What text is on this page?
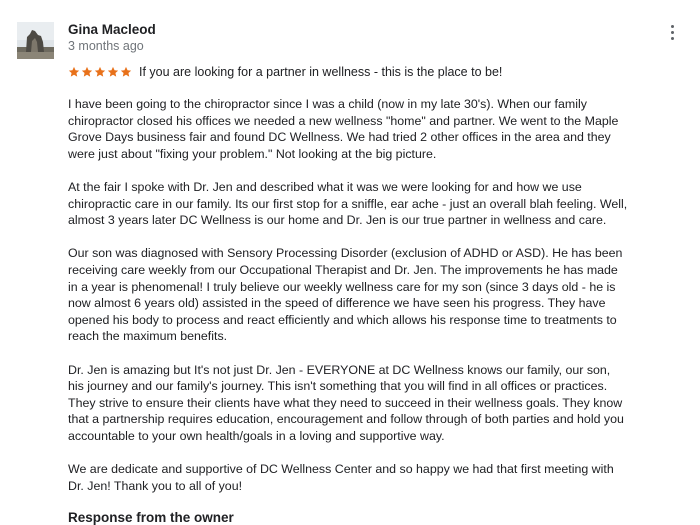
Gina Macleod
3 months ago
If you are looking for a partner in wellness - this is the place to be!

I have been going to the chiropractor since I was a child (now in my late 30's). When our family chiropractor closed his offices we needed a new wellness "home" and partner. We went to the Maple Grove Days business fair and found DC Wellness. We had tried 2 other offices in the area and they were just about "fixing your problem." Not looking at the big picture.

At the fair I spoke with Dr. Jen and described what it was we were looking for and how we use chiropractic care in our family. Its our first stop for a sniffle, ear ache - just an overall blah feeling. Well, almost 3 years later DC Wellness is our home and Dr. Jen is our true partner in wellness and care.

Our son was diagnosed with Sensory Processing Disorder (exclusion of ADHD or ASD). He has been receiving care weekly from our Occupational Therapist and Dr. Jen. The improvements he has made in a year is phenomenal! I truly believe our weekly wellness care for my son (since 3 days old - he is now almost 6 years old) assisted in the speed of difference we have seen his progress. They have opened his body to process and react efficiently and which allows his response time to treatments to reach the maximum benefits.

Dr. Jen is amazing but It's not just Dr. Jen - EVERYONE at DC Wellness knows our family, our son, his journey and our family's journey. This isn't something that you will find in all offices or practices. They strive to ensure their clients have what they need to succeed in their wellness goals. They know that a partnership requires education, encouragement and follow through of both parties and hold you accountable to your own health/goals in a loving and supportive way.

We are dedicate and supportive of DC Wellness Center and so happy we had that first meeting with Dr. Jen! Thank you to all of you!

Response from the owner
